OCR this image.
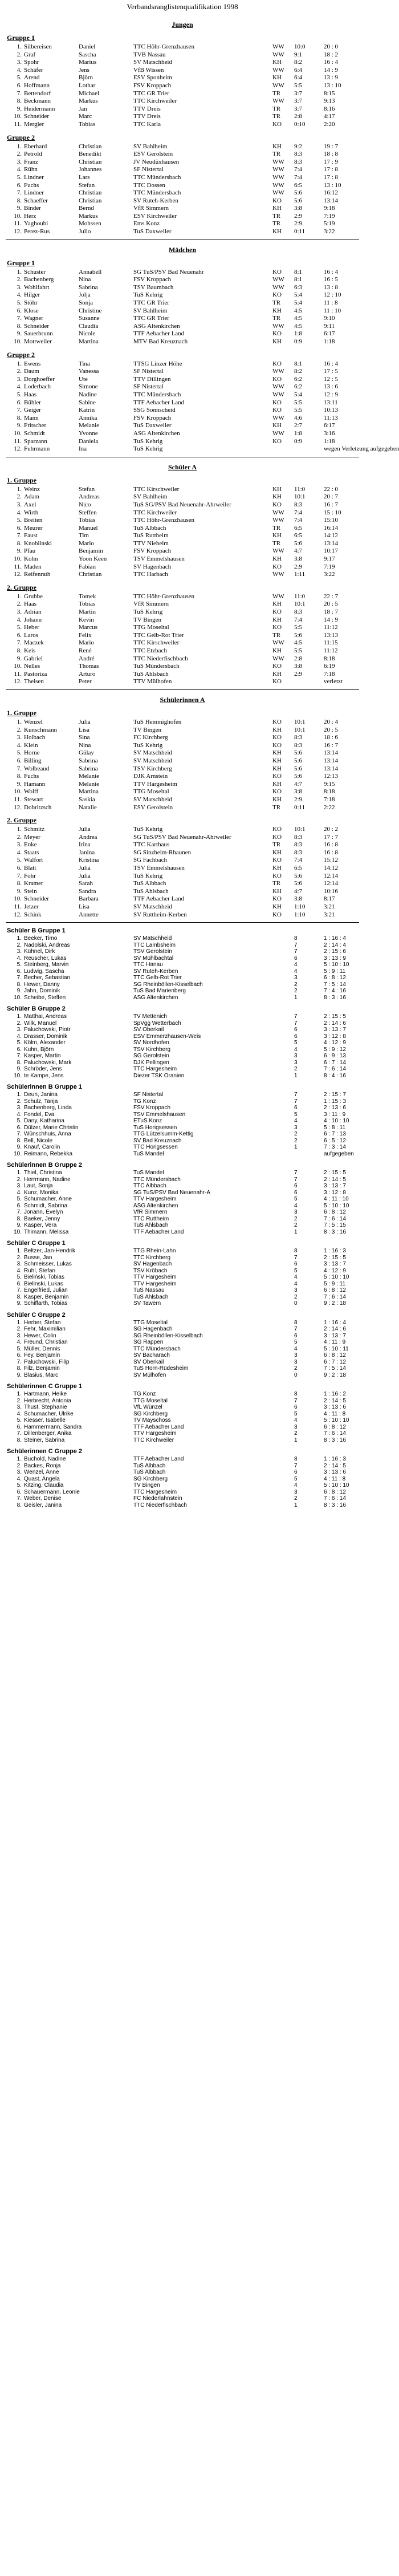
Verbandsranglistenqualifikation 1998
Jungen
Gruppe 1
1.	Silbereisen	Daniel	TTC Höhr-Grenzhausen	WW	10:0	20 : 0
2.	Graf	Sascha	TVB Nassau	WW	9:1	18 : 2
3.	Spohr	Marius	SV Matschheid	KH	8:2	16 : 4
4.	Schäfer	Jens	VfB Wissen	WW	6:4	14 : 9
5.	Arend	Björn	ESV Sponheim	KH	6:4	13 : 9
6.	Hoffmann	Lothar	FSV Kroppach	WW	5:5	13 : 10
7.	Bettendorf	Michael	TTC GR Trier	TR	3:7	8:15
8.	Beckmann	Markus	TTC Kirchweiler	WW	3:7	9:13
9.	Heidermann	Jan	TTV Dreis	TR	3:7	8:16
10.	Schneider	Marc	TTV Dreis	TR	2:8	4:17
11.	Mergler	Tobias	TTC Karla	KO	0:10	2:20
Gruppe 2
1.	Eberhard	Christian	SV Bahlheim	KH	9:2	19 : 7
2.	Petrold	Benedikt	ESV Gerolstein	TR	8:3	18 : 8
3.	Franz	Christian	JV Neudüxhausen	WW	8:3	17 : 9
4.	Rühn	Johannes	SF Nistertal	WW	7:4	17 : 8
5.	Lindner	Lars	TTC Mündersbach	WW	7:4	17 : 8
6.	Fuchs	Stefan	TTC Dossen	WW	6:5	13 : 10
7.	Lindner	Christian	TTC Mündersbach	WW	5:6	16:12
8.	Schaeffer	Christian	SV Ruteh-Kerben	KO	5:6	13:14
9.	Binder	Bernd	VfR Simmern	KH	3:8	9:18
10.	Herz	Markus	ESV Kirchweiler	TR	2:9	7:19
11.	Yaghoubi	Mohssen	Ems Konz	TR	2:9	5:19
12.	Perez-Rus	Julio	TuS Daxweiler	KH	0:11	3:22
Mädchen
Gruppe 1
1.	Schuster	Annabell	SG TuS/PSV Bad Neuenahr	KO	8:1	16 : 4
2.	Bachenberg	Nina	FSV Kroppach	WW	8:1	16 : 5
3.	Wohlfahrt	Sabrina	TSV Baumbach	WW	6:3	13 : 8
4.	Hilger	Jolja	TuS Kehrig	KO	5:4	12 : 10
5.	Stöhr	Sonja	TTC GR Trier	TR	5:4	11 : 8
6.	Klose	Christine	SV Bahlheim	KH	4:5	11 : 10
7.	Wagner	Susanne	TTC GR Trier	TR	4:5	9:10
8.	Schneider	Claudia	ASG Altenkirchen	WW	4:5	9:11
9.	Sauerbrunn	Nicole	TTF Aebacher Land	KO	1:8	6:17
10.	Mottweiler	Martina	MTV Bad Kreuznach	KH	0:9	1:18
Gruppe 2
1.	Ewens	Tina	TTSG Linzer Höhe	KO	8:1	16 : 4
2.	Daum	Vanessa	SF Nistertal	WW	8:2	17 : 5
3.	Dorghoeffer	Ute	TTV Dillingen	KO	6:2	12 : 5
4.	Loderbach	Simone	SF Nistertal	WW	6:2	13 : 6
5.	Haas	Nadine	TTC Mündersbach	WW	5:4	12 : 9
6.	Bühler	Sabine	TTF Aebacher Land	KO	5:5	13:11
7.	Geiger	Katrin	SSG Sonnscheid	KO	5:5	10:13
8.	Mann	Annika	FSV Kroppach	WW	4:6	11:13
9.	Fritscher	Melanie	TuS Daxweiler	KH	2:7	6:17
10.	Schmidt	Yvonne	ASG Altenkirchen	WW	1:8	3:16
11.	Sparzann	Daniela	TuS Kehrig	KO	0:9	1:18
12.	Fuhrmann	Ina	TuS Kehrig			wegen Verletzung aufgegeben
Schüler A
1. Gruppe
1.	Weinz	Stefan	TTC Kirschweiler	KH	11:0	22 : 0
2.	Adam	Andreas	SV Bahlheim	KH	10:1	20 : 7
3.	Axel	Nico	TuS SG/PSV Bad Neuenahr-Ahrweiler	KO	8:3	16 : 7
4.	Wirth	Steffen	TTC Kirchweiler	WW	7:4	15 : 10
5.	Breiten	Tobias	TTC Höhr-Grenzhausen	WW	7:4	15:10
6.	Meurer	Manuel	TuS Albbach	TR	6:5	16:14
7.	Faust	Tim	TuS Ruttheim	KH	6:5	14:12
8.	Knoblinski	Mario	TTV Nieheim	TR	5:6	13:14
9.	Pfau	Benjamin	FSV Kroppach	WW	4:7	10:17
10.	Kohn	Yoon Keen	TSV Emmelshausen	KH	3:8	9:17
11.	Maden	Fabian	SV Hagenbach	KO	2:9	7:19
12.	Reifenrath	Christian	TTC Harbach	WW	1:11	3:22
2. Gruppe
1.	Grubbe	Tomek	TTC Höhr-Grenzhausen	WW	11:0	22 : 7
2.	Haas	Tobias	VfR Simmern	KH	10:1	20 : 5
3.	Adrian	Martin	TuS Kehrig	KO	8:3	18 : 7
4.	Johann	Kevin	TV Bingen	KH	7:4	14 : 9
5.	Heber	Marcus	TTG Moseltal	KO	5:5	11:12
6.	Laros	Felix	TTC Gelb-Rot Trier	TR	5:6	13:13
7.	Maczek	Mario	TTC Kirschweiler	WW	4:5	11:15
8.	Keis	René	TTC Etzbach	KH	5:5	11:12
9.	Gabriel	André	TTC Niederfischbach	WW	2:8	8:18
10.	Nelles	Thomas	TuS Mündersbach	KO	3:8	6:19
11.	Pastoriza	Arturo	TuS Ahlsbach	KH	2:9	7:18
12.	Theisen	Peter	TTV Mülhofen	KO		verletzt
Schülerinnen A
1. Gruppe
1.	Wenzel	Julia	TuS Hemmighofen	KO	10:1	20 : 4
2.	Kunschmann	Lisa	TV Bingen	KH	10:1	20 : 5
3.	Holbach	Sina	FC Kirchberg	KO	8:3	18 : 6
4.	Klein	Nina	TuS Kehrig	KO	8:3	16 : 7
5.	Horne	Gülay	SV Matschheid	KH	5:6	13:14
6.	Billing	Sabrina	SV Matschheid	KH	5:6	13:14
7.	Wolbeaud	Sabrina	TSV Kirchberg	KH	5:6	13:14
8.	Fuchs	Melanie	DJK Arnstein	KO	5:6	12:13
9.	Hamann	Melanie	TTV Hargesheim	KH	4:7	9:15
10.	Wolff	Martina	TTG Moseltal	KO	3:8	8:18
11.	Stewart	Saskia	SV Matschheid	KH	2:9	7:18
12.	Dobritzsch	Natalie	ESV Gerolstein	TR	0:11	2:22
2. Gruppe
1.	Schmitz	Julia	TuS Kehrig	KO	10:1	20 : 2
2.	Meyer	Andrea	SG TuS/PSV Bad Neuenahr-Ahrweiler	KO	8:3	17 : 7
3.	Enke	Irina	TTC Karthaus	TR	8:3	16 : 8
4.	Staats	Janina	SG Sinzheim-Rhaunen	KH	8:3	16 : 8
5.	Walfort	Kristina	SG Fachbach	KO	7:4	15:12
6.	Blatt	Julia	TSV Emmelshausen	KH	6:5	14:12
7.	Fohr	Julia	TuS Kehrig	KO	5:6	12:14
8.	Kramer	Sarah	TuS Albbach	TR	5:6	12:14
9.	Stein	Sandra	TuS Ahlsbach	KH	4:7	10:16
10.	Schneider	Barbara	TTF Aebacher Land	KO	3:8	8:17
11.	Jetzer	Lisa	SV Matschheid	KH	1:10	3:21
12.	Schink	Annette	SV Ruttheim-Kerben	KO	1:10	3:21
Schüler B Gruppe 1
1.	Beeker, Timo		SV Matschheid		8	1 : 16 : 4
2.	Nadolski, Andreas		TTC Lambsheim		7	2 : 14 : 4
3.	Kühnel, Dirk		TSV Gerolstein		7	2 : 15 : 6
4.	Reuscher, Lukas		SV Mühlbachtal		6	3 : 13 : 9
5.	Steinberg, Marvin		TTC Hanau		4	5 : 10 : 10
6.	Ludwig, Sascha		SV Ruteh-Kerben		4	5 : 9 : 11
7.	Becher, Sebastian		TTC Gelb-Rot Trier		3	6 : 8 : 12
8.	Hewer, Danny		SG Rheinböllen-Kisselbach		2	7 : 5 : 14
9.	Jahn, Dominik		TuS Bad Marienberg		2	7 : 4 : 16
10.	Scheibe, Steffen		ASG Altenkirchen		1	8 : 3 : 16
Schüler B Gruppe 2
1.	Matthai, Andreas		TV Mettenich		7	2 : 15 : 5
2.	Wilk, Manuel		SpVgg Wetterbach		7	2 : 14 : 6
3.	Paluchowski, Piotr		SV Oberkail		6	3 : 13 : 7
4.	Drasser, Dominik		ESV Emmerzhausen-Weis		6	3 : 12 : 8
5.	Kölm, Alexander		SV Nordhofen		5	4 : 12 : 9
6.	Kuhn, Björn		TSV Kirchberg		4	5 : 9 : 12
7.	Kasper, Martin		SG Gerolstein		3	6 : 9 : 13
8.	Paluchowski, Mark		DJK Pellingen		3	6 : 7 : 14
9.	Schröder, Jens		TTC Hargesheim		2	7 : 6 : 14
10.	te Kampe, Jens		Diezer TSK Oranien		1	8 : 4 : 16
Schülerinnen B Gruppe 1
1.	Deun, Janina		SF Nistertal		7	2 : 15 : 7
2.	Schulz, Tanja		TG Konz		7	1 : 15 : 3
3.	Bachenberg, Linda		FSV Kroppach		6	2 : 13 : 6
4.	Fondel, Eva		TSV Emmelshausen		5	3 : 11 : 9
5.	Dany, Katharina		ETuS Konz		4	4 : 10 : 10
6.	Dülzer, Marie Christin		TuS Horigsessen		3	5 : 8 : 11
7.	Wünschhuis, Anna		TTG Lützelsumm-Kettig		2	6 : 7 : 13
8.	Bell, Nicole		SV Bad Kreuznach		2	6 : 5 : 12
9.	Knauf, Carolin		TTC Horigsessen		1	7 : 3 : 14
10.	Reimann, Rebekka		TuS Mandel			aufgegeben
Schülerinnen B Gruppe 2
1.	Thiel, Christina		TuS Mandel		7	2 : 15 : 5
2.	Herrmann, Nadine		TTC Mündersbach		7	2 : 14 : 5
3.	Laut, Sonja		TTC Albbach		6	3 : 13 : 7
4.	Kunz, Monika		SG TuS/PSV Bad Neuenahr-A		6	3 : 12 : 8
5.	Schumacher, Anne		TTV Hargesheim		5	4 : 11 : 10
6.	Schmidt, Sabrina		ASG Altenkirchen		4	5 : 10 : 10
7.	Jonann, Evelyn		VfR Simmern		3	6 : 8 : 12
8.	Baeker, Jenny		TTC Ruttheim		2	7 : 6 : 14
9.	Kasper, Vera		TuS Ahlsbach		2	7 : 5 : 15
10.	Thimann, Melissa		TTF Aebacher Land		1	8 : 3 : 16
Schüler C Gruppe 1
1.	Beltzer, Jan-Hendrik		TTG Rhein-Lahn		8	1 : 16 : 3
2.	Busse, Jan		TTC Kirchberg		7	2 : 15 : 5
3.	Schmeisser, Lukas		SV Hagenbach		6	3 : 13 : 7
4.	Ruhl, Stefan		TSV Kröbach		5	4 : 12 : 9
5.	Bieliński, Tobias		TTV Hargesheim		4	5 : 10 : 10
6.	Bielinski, Lukas		TTV Hargesheim		4	5 : 9 : 11
7.	Engelfried, Julian		TuS Nassau		3	6 : 8 : 12
8.	Kasper, Benjamin		TuS Ahlsbach		2	7 : 6 : 14
9.	Schiffarth, Tobias		SV Tawern		0	9 : 2 : 18
Schüler C Gruppe 2
1.	Herber, Stefan		TTG Moseltal		8	1 : 16 : 4
2.	Fehr, Maximilian		SG Hagenbach		7	2 : 14 : 6
3.	Hewer, Colin		SG Rheinböllen-Kisselbach		6	3 : 13 : 7
4.	Freund, Christian		SG Rappen		5	4 : 11 : 9
5.	Müller, Dennis		TTC Mündersbach		4	5 : 10 : 11
6.	Fey, Benjamin		SV Bacharach		3	6 : 8 : 12
7.	Paluchowski, Filip		SV Oberkail		3	6 : 7 : 12
8.	Filz, Benjamin		TuS Horn-Rüdesheim		2	7 : 5 : 14
9.	Blasius, Marc		SV Mülhofen		0	9 : 2 : 18
Schülerinnen C Gruppe 1
1.	Hartmann, Heike		TG Konz		8	1 : 16 : 2
2.	Herbrecht, Antonia		TTG Moseltal		7	2 : 14 : 5
3.	Thust, Stephanie		VfL Wünzel		6	3 : 13 : 6
4.	Schumacher, Ulrike		SG Kirchberg		5	4 : 11 : 8
5.	Kiesser, Isabelle		TV Mayschoss		4	5 : 10 : 10
6.	Hammermann, Sandra		TTF Aebacher Land		3	6 : 8 : 12
7.	Dillenberger, Anika		TTV Hargesheim		2	7 : 6 : 14
8.	Steiner, Sabrina		TTC Kirchweiler		1	8 : 3 : 16
Schülerinnen C Gruppe 2
1.	Buchold, Nadine		TTF Aebacher Land		8	1 : 16 : 3
2.	Backes, Ronja		TuS Albbach		7	2 : 14 : 5
3.	Wenzel, Anne		TuS Albbach		6	3 : 13 : 6
4.	Quast, Angela		SG Kirchberg		5	4 : 11 : 8
5.	Kitzing, Claudia		TV Bingen		4	5 : 10 : 10
6.	Schauermann, Leonie		TTC Hargesheim		3	6 : 8 : 12
7.	Weber, Denise		FC Niederlahnstein		2	7 : 6 : 14
8.	Geisler, Janina		TTC Niederfischbach		1	8 : 3 : 16
